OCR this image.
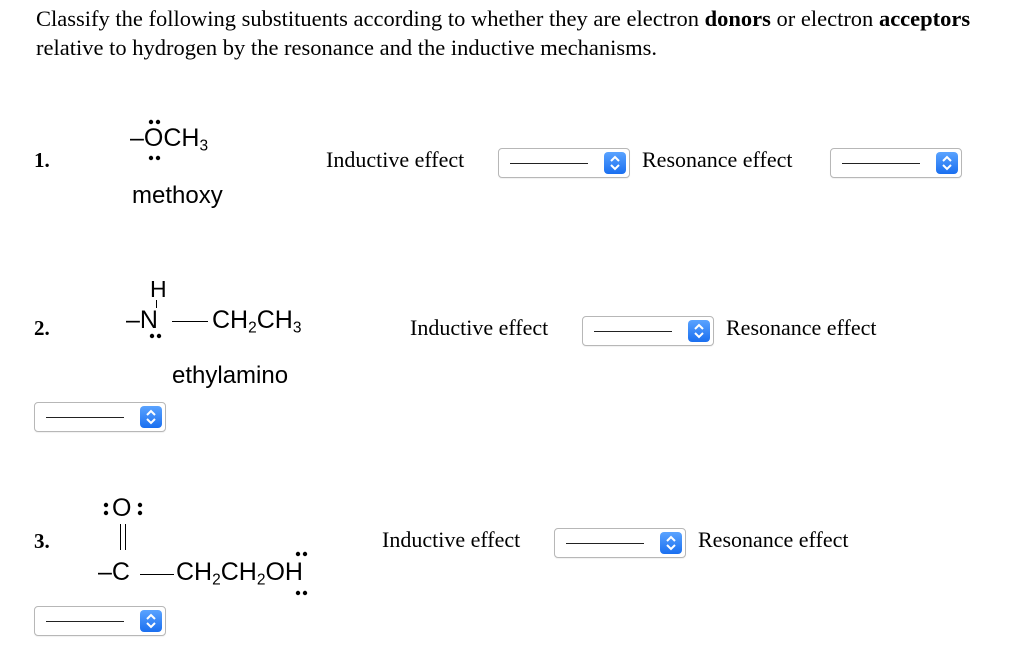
Classify the following substituents according to whether they are electron donors or electron acceptors relative to hydrogen by the resonance and the inductive mechanisms.
1.
$-OCH_3$
methoxy
Inductive effect	Resonance effect
2.
H
–N $CH_2CH_3$
ethylamino
Inductive effect	Resonance effect
3.
O
–C $CH_2CH_2OH$
Inductive effect	Resonance effect
